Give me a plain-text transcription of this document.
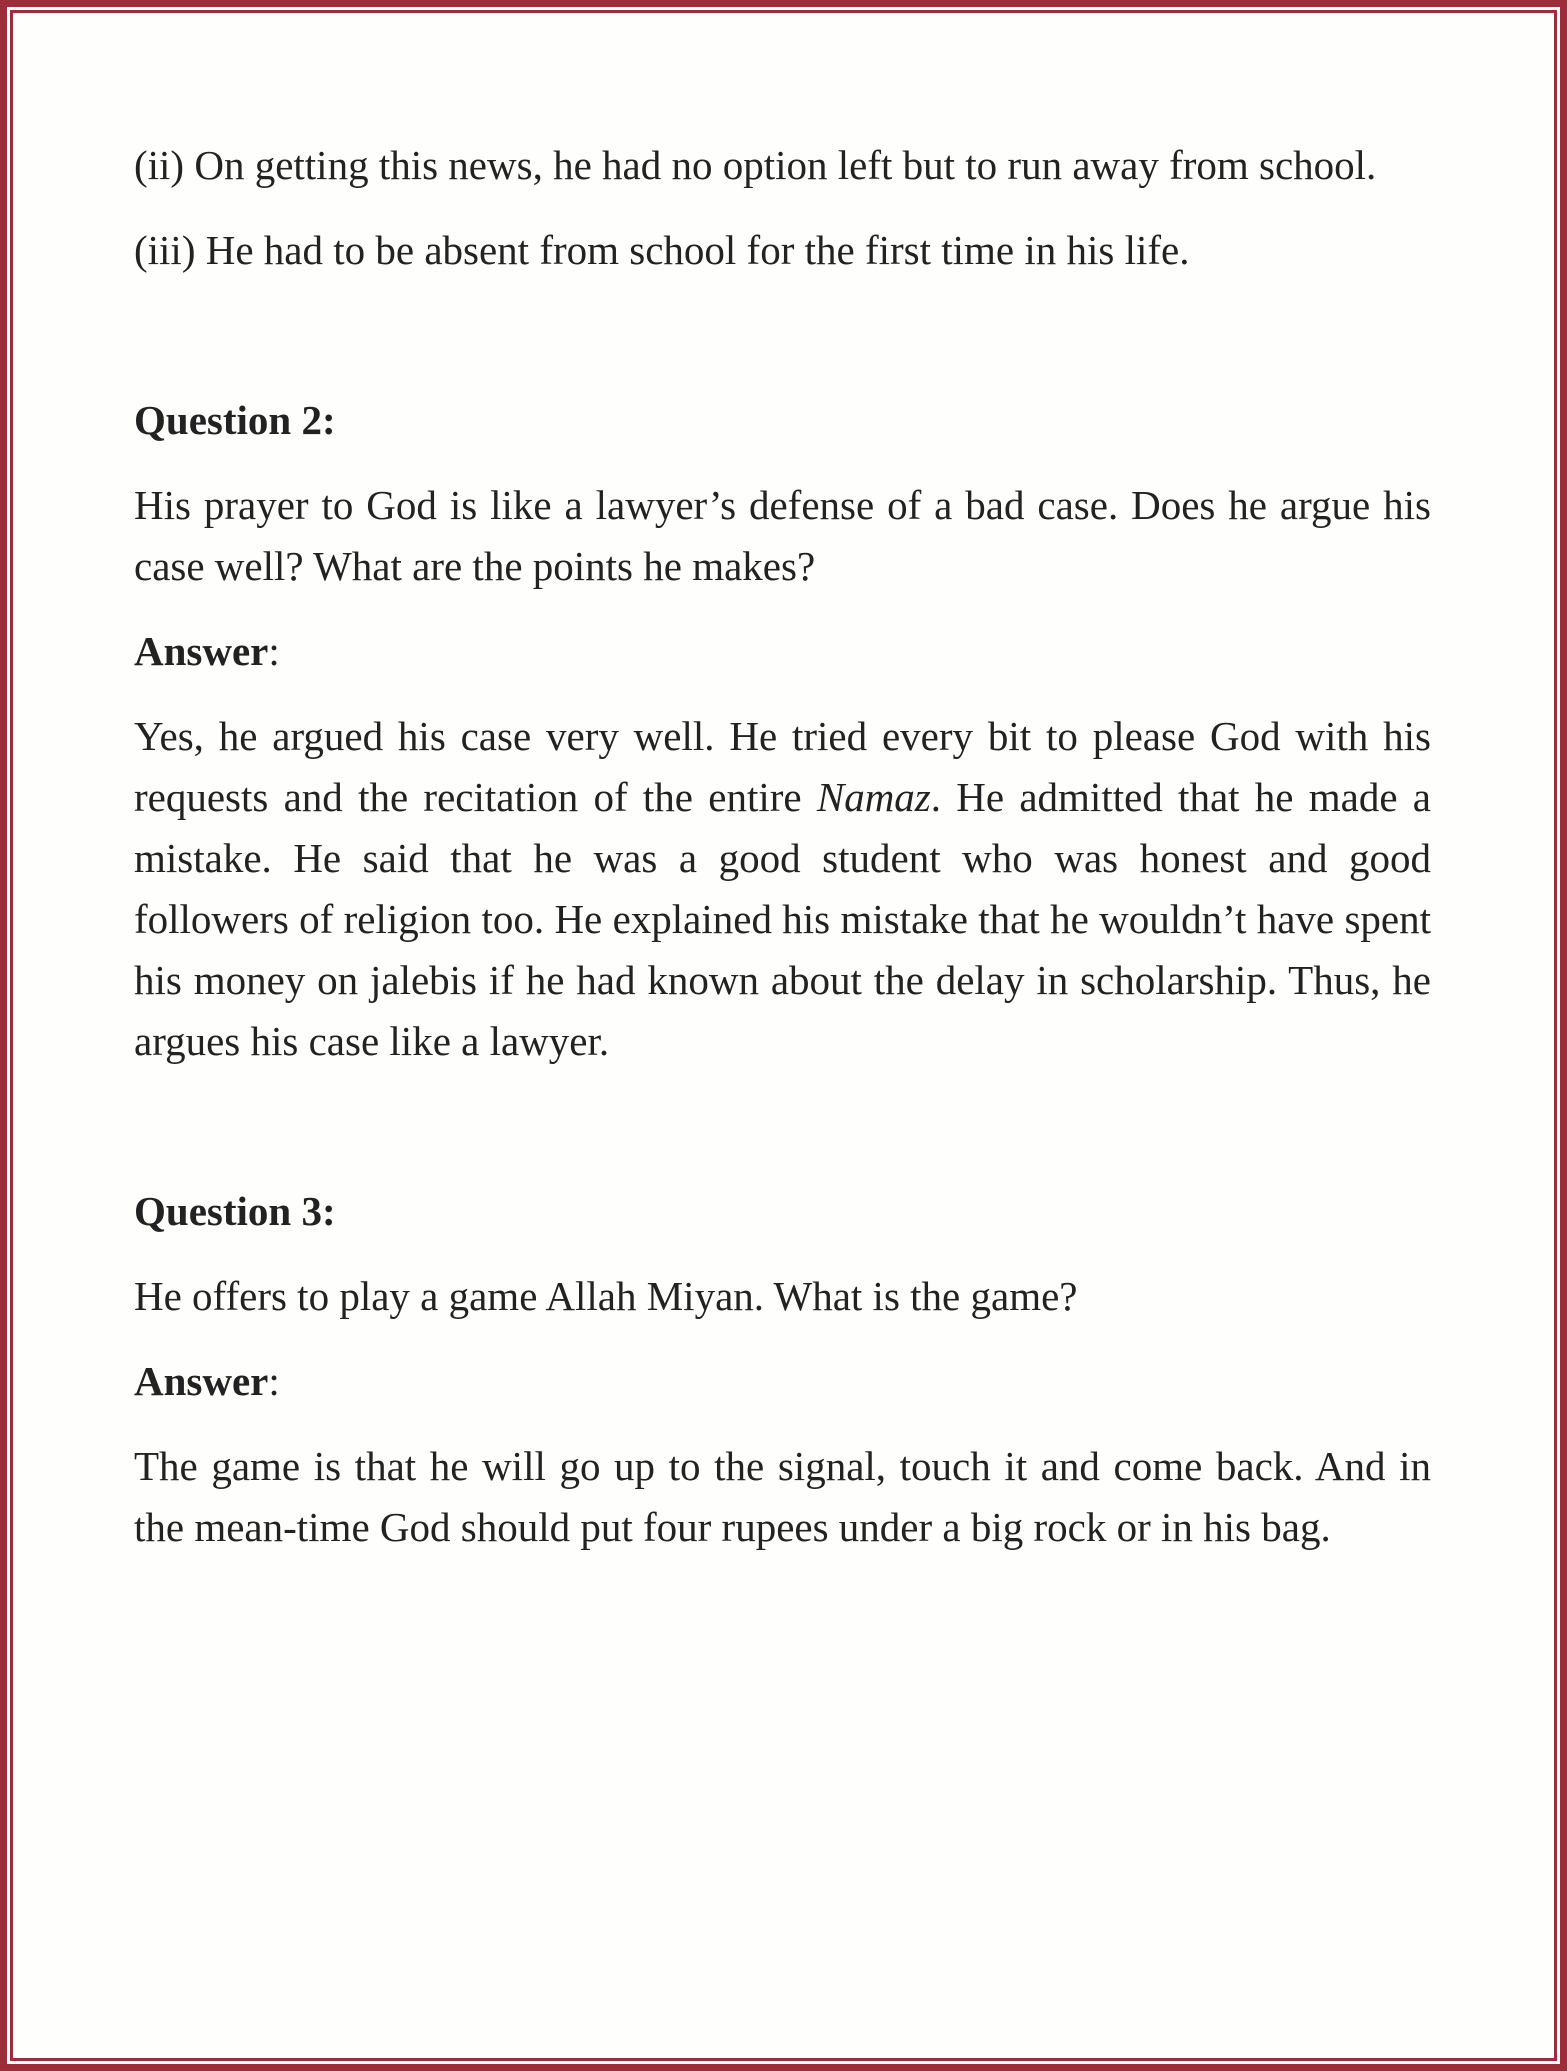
(ii) On getting this news, he had no option left but to run away from school.

(iii) He had to be absent from school for the first time in his life.

Question 2:

His prayer to God is like a lawyer’s defense of a bad case. Does he argue his case well? What are the points he makes?

Answer:

Yes, he argued his case very well. He tried every bit to please God with his requests and the recitation of the entire Namaz. He admitted that he made a mistake. He said that he was a good student who was honest and good followers of religion too. He explained his mistake that he wouldn’t have spent his money on jalebis if he had known about the delay in scholarship. Thus, he argues his case like a lawyer.

Question 3:

He offers to play a game Allah Miyan. What is the game?

Answer:

The game is that he will go up to the signal, touch it and come back. And in the mean-time God should put four rupees under a big rock or in his bag.
